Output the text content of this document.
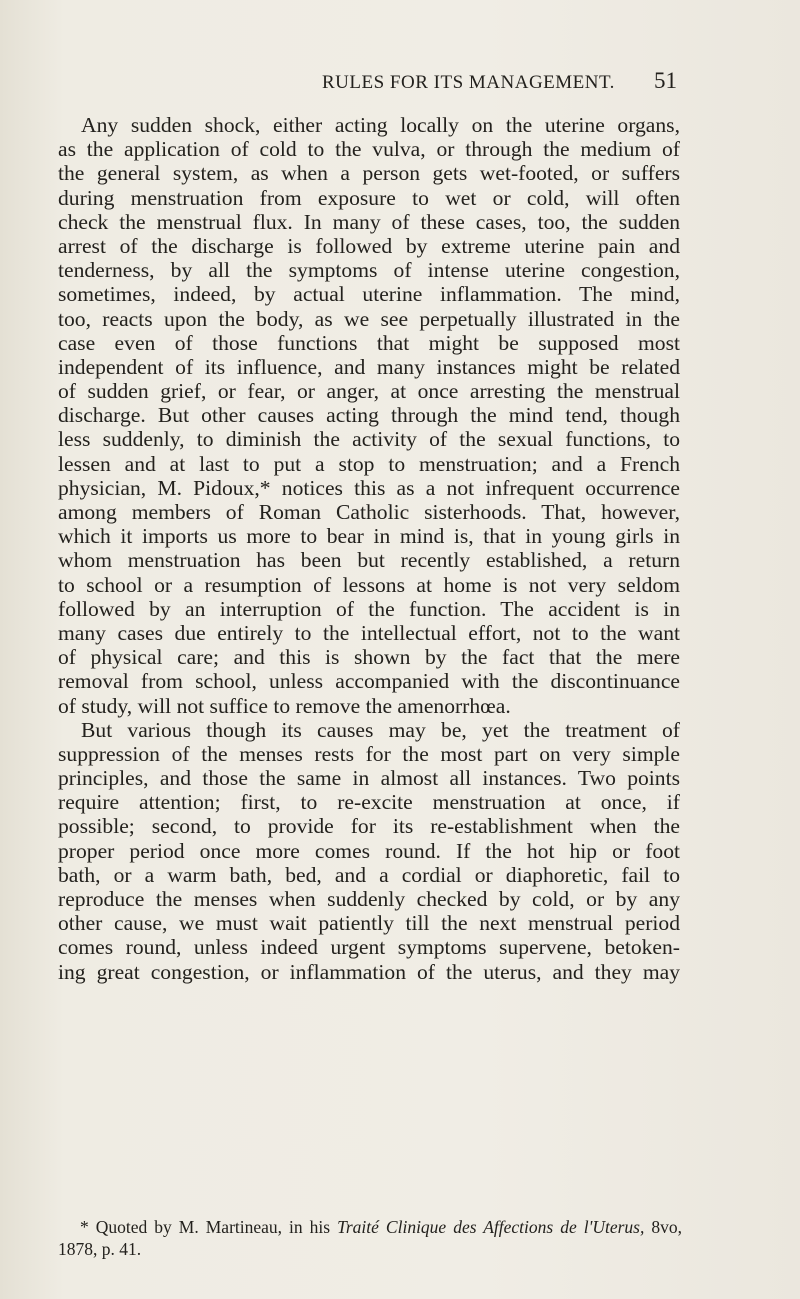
RULES FOR ITS MANAGEMENT. 51
Any sudden shock, either acting locally on the uterine organs,
as the application of cold to the vulva, or through the medium of
the general system, as when a person gets wet-footed, or suffers
during menstruation from exposure to wet or cold, will often
check the menstrual flux. In many of these cases, too, the sudden
arrest of the discharge is followed by extreme uterine pain and
tenderness, by all the symptoms of intense uterine congestion,
sometimes, indeed, by actual uterine inflammation. The mind,
too, reacts upon the body, as we see perpetually illustrated in the
case even of those functions that might be supposed most
independent of its influence, and many instances might be related
of sudden grief, or fear, or anger, at once arresting the menstrual
discharge. But other causes acting through the mind tend, though
less suddenly, to diminish the activity of the sexual functions, to
lessen and at last to put a stop to menstruation; and a French
physician, M. Pidoux,* notices this as a not infrequent occurrence
among members of Roman Catholic sisterhoods. That, however,
which it imports us more to bear in mind is, that in young girls in
whom menstruation has been but recently established, a return
to school or a resumption of lessons at home is not very seldom
followed by an interruption of the function. The accident is in
many cases due entirely to the intellectual effort, not to the want
of physical care; and this is shown by the fact that the mere
removal from school, unless accompanied with the discontinuance
of study, will not suffice to remove the amenorrhœa.
But various though its causes may be, yet the treatment of
suppression of the menses rests for the most part on very simple
principles, and those the same in almost all instances. Two points
require attention; first, to re-excite menstruation at once, if
possible; second, to provide for its re-establishment when the
proper period once more comes round. If the hot hip or foot
bath, or a warm bath, bed, and a cordial or diaphoretic, fail to
reproduce the menses when suddenly checked by cold, or by any
other cause, we must wait patiently till the next menstrual period
comes round, unless indeed urgent symptoms supervene, betoken-
ing great congestion, or inflammation of the uterus, and they may
* Quoted by M. Martineau, in his Traité Clinique des Affections de l'Uterus, 8vo,
1878, p. 41.
